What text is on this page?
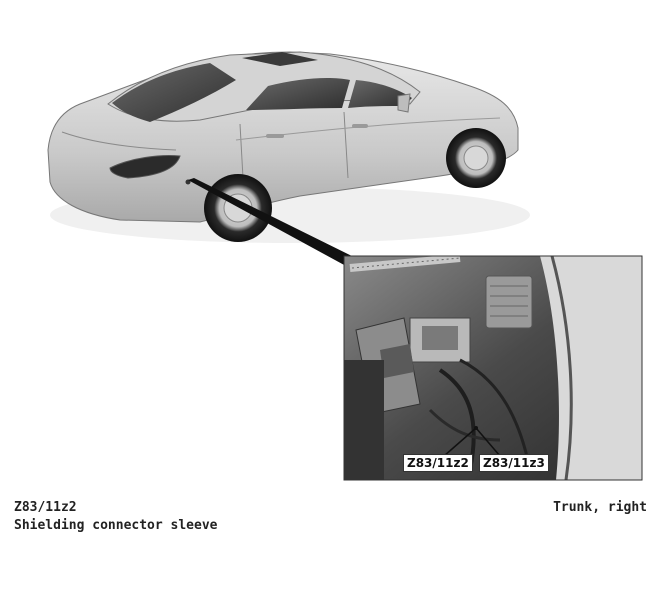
Z83/11z2	Z83/11z3
Z83/11z2
Shielding connector sleeve
Trunk, right
